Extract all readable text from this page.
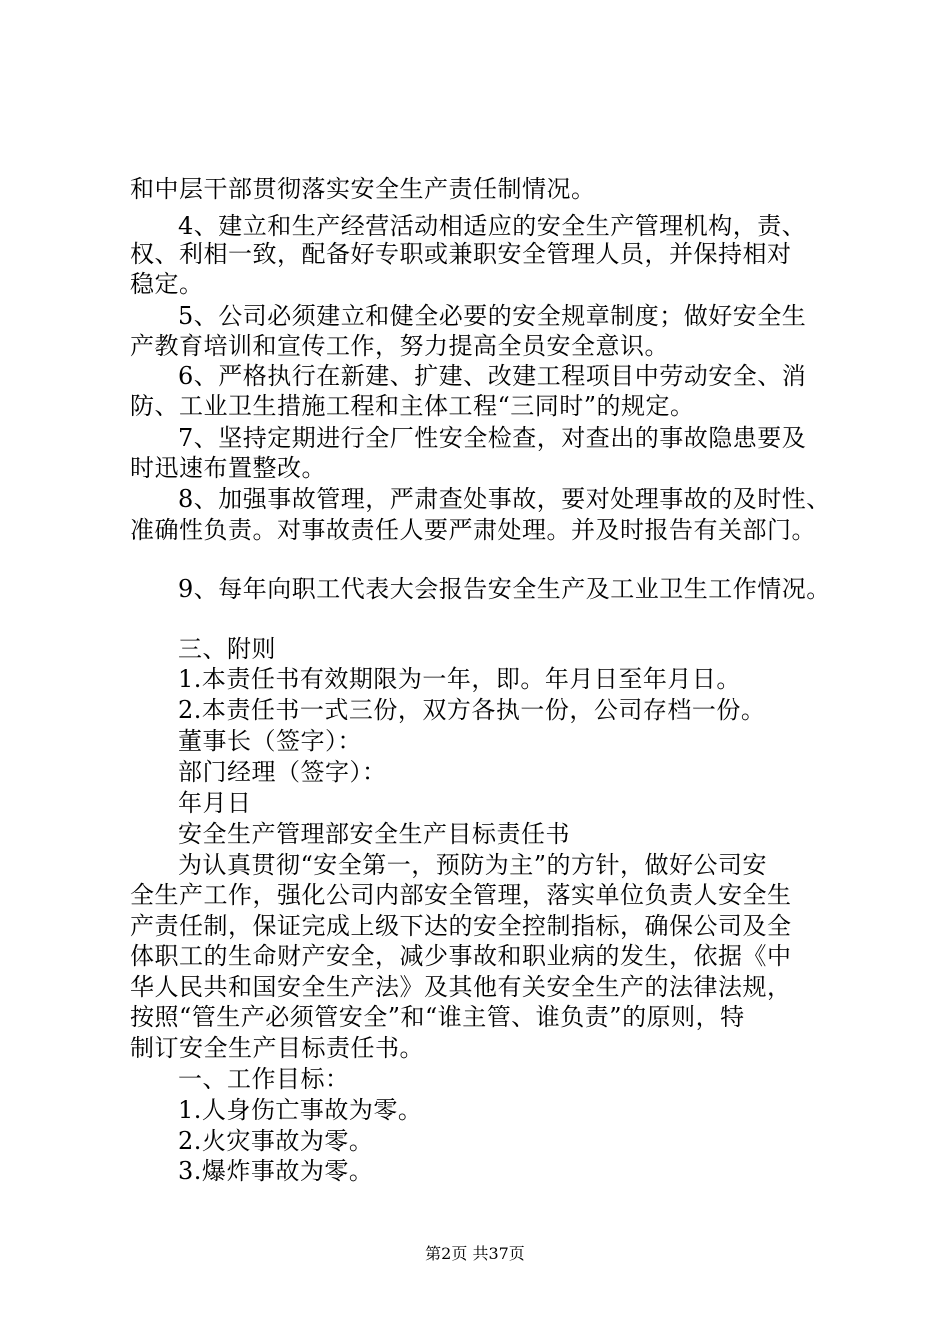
和中层干部贯彻落实安全生产责任制情况。
4、建立和生产经营活动相适应的安全生产管理机构，责、
权、利相一致，配备好专职或兼职安全管理人员，并保持相对
稳定。
5、公司必须建立和健全必要的安全规章制度；做好安全生
产教育培训和宣传工作，努力提高全员安全意识。
6、严格执行在新建、扩建、改建工程项目中劳动安全、消
防、工业卫生措施工程和主体工程“三同时”的规定。
7、坚持定期进行全厂性安全检查，对查出的事故隐患要及
时迅速布置整改。
8、加强事故管理，严肃查处事故，要对处理事故的及时性、
准确性负责。对事故责任人要严肃处理。并及时报告有关部门。
9、每年向职工代表大会报告安全生产及工业卫生工作情况。
三、附则
1.本责任书有效期限为一年，即。年月日至年月日。
2.本责任书一式三份，双方各执一份，公司存档一份。
董事长（签字）：
部门经理（签字）：
年月日
安全生产管理部安全生产目标责任书
为认真贯彻“安全第一，预防为主”的方针，做好公司安
全生产工作，强化公司内部安全管理，落实单位负责人安全生
产责任制，保证完成上级下达的安全控制指标，确保公司及全
体职工的生命财产安全，减少事故和职业病的发生，依据《中
华人民共和国安全生产法》及其他有关安全生产的法律法规，
按照“管生产必须管安全”和“谁主管、谁负责”的原则，特
制订安全生产目标责任书。
一、工作目标：
1.人身伤亡事故为零。
2.火灾事故为零。
3.爆炸事故为零。
第2页 共37页
